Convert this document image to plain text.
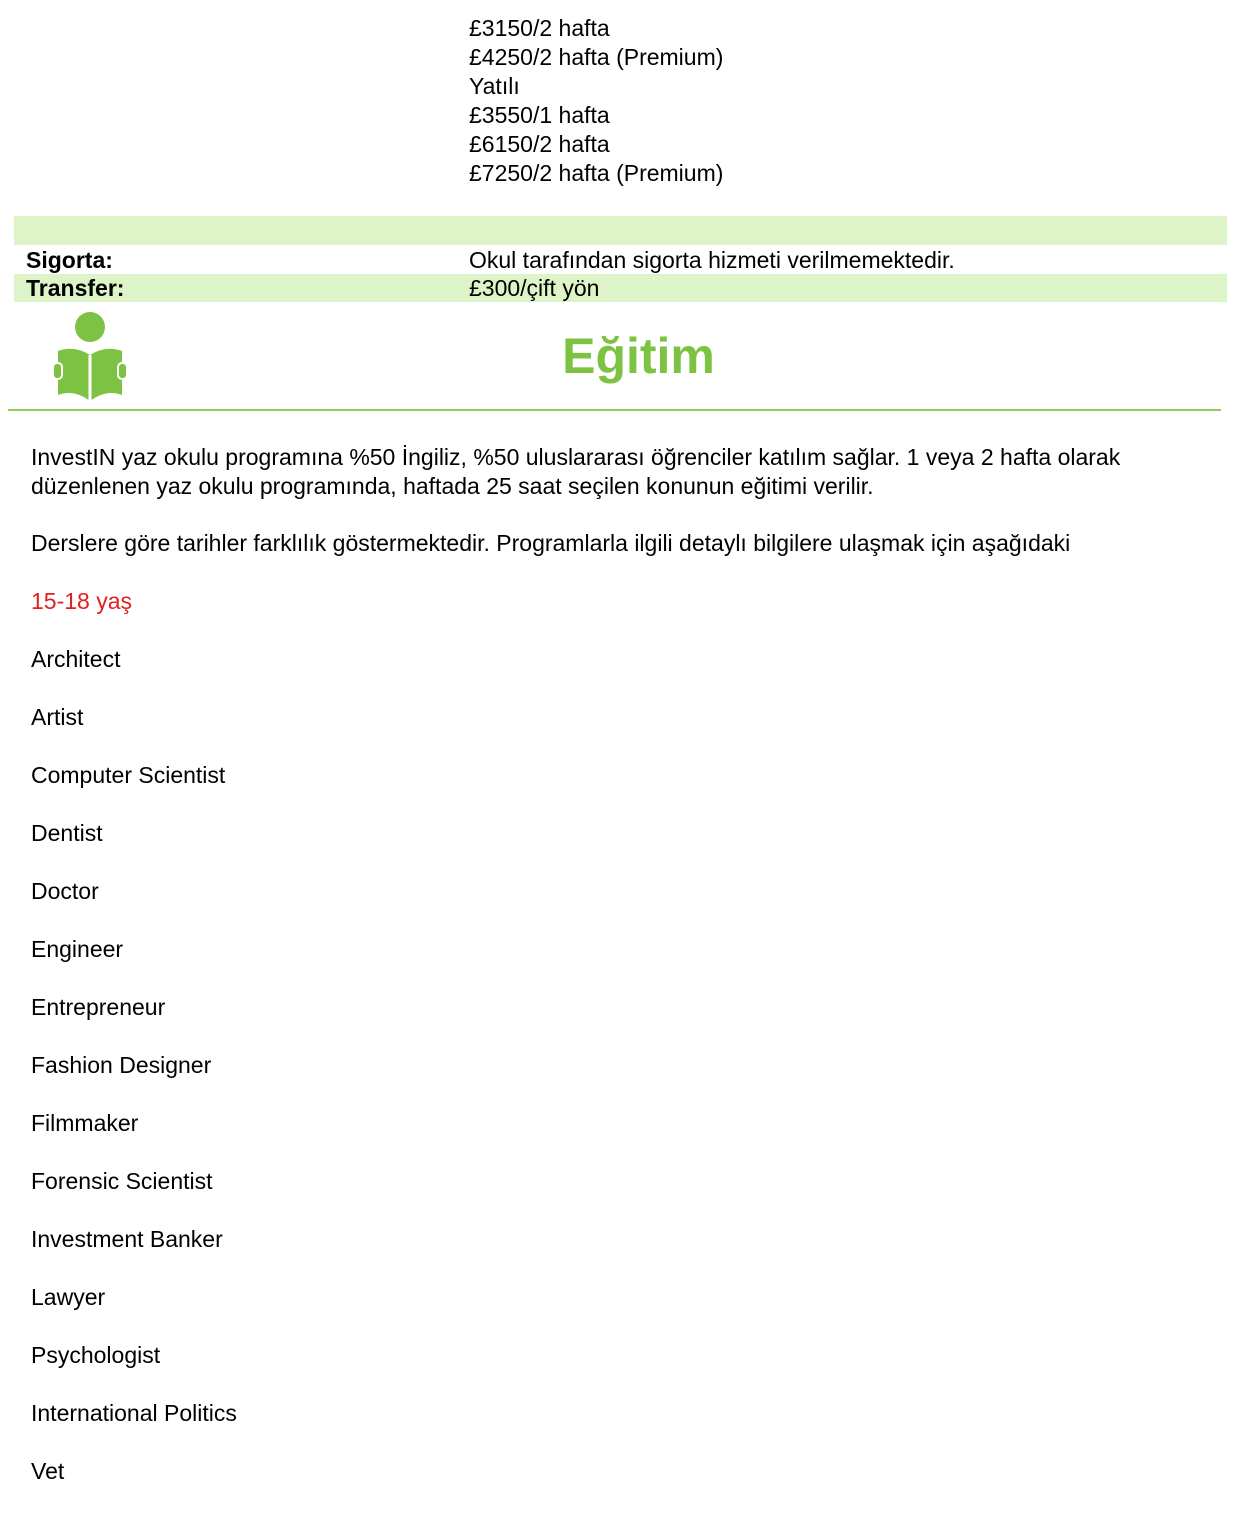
£3150/2 hafta
£4250/2 hafta (Premium)
Yatılı
£3550/1 hafta
£6150/2 hafta
£7250/2 hafta (Premium)
Sigorta:	Okul tarafından sigorta hizmeti verilmemektedir.
Transfer:	£300/çift yön
Eğitim
InvestIN yaz okulu programına %50 İngiliz, %50 uluslararası öğrenciler katılım sağlar. 1 veya 2 hafta olarak düzenlenen yaz okulu programında, haftada 25 saat seçilen konunun eğitimi verilir.
Derslere göre tarihler farklılık göstermektedir. Programlarla ilgili detaylı bilgilere ulaşmak için aşağıdaki
15-18 yaş
Architect
Artist
Computer Scientist
Dentist
Doctor
Engineer
Entrepreneur
Fashion Designer
Filmmaker
Forensic Scientist
Investment Banker
Lawyer
Psychologist
International Politics
Vet
